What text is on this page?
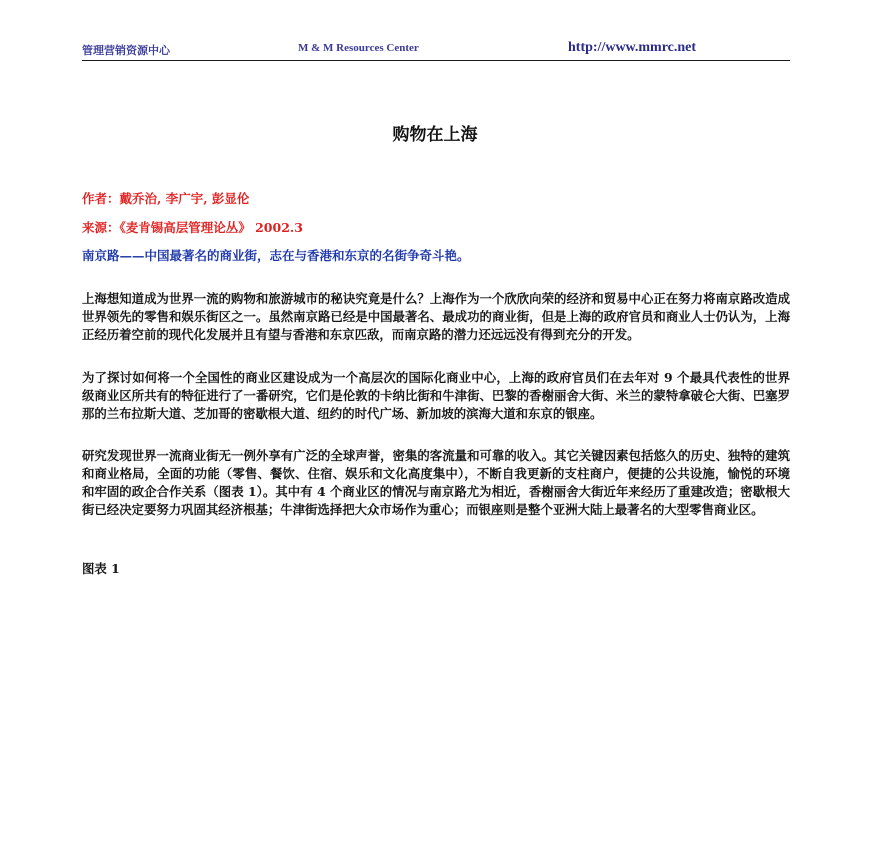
管理营销资源中心	M & M Resources Center	http://www.mmrc.net
购物在上海
作者：戴乔治, 李广宇, 彭显伦
来源：《麦肯锡高层管理论丛》 2002.3
南京路——中国最著名的商业街，志在与香港和东京的名街争奇斗艳。
上海想知道成为世界一流的购物和旅游城市的秘诀究竟是什么？上海作为一个欣欣向荣的经济和贸易中心正在努力将南京路改造成世界领先的零售和娱乐街区之一。虽然南京路已经是中国最著名、最成功的商业街，但是上海的政府官员和商业人士仍认为，上海正经历着空前的现代化发展并且有望与香港和东京匹敌，而南京路的潜力还远远没有得到充分的开发。
为了探讨如何将一个全国性的商业区建设成为一个高层次的国际化商业中心，上海的政府官员们在去年对 9 个最具代表性的世界级商业区所共有的特征进行了一番研究，它们是伦敦的卡纳比街和牛津街、巴黎的香榭丽舍大街、米兰的蒙特拿破仑大街、巴塞罗那的兰布拉斯大道、芝加哥的密歇根大道、纽约的时代广场、新加坡的滨海大道和东京的银座。
研究发现世界一流商业街无一例外享有广泛的全球声誉，密集的客流量和可靠的收入。其它关键因素包括悠久的历史、独特的建筑和商业格局，全面的功能（零售、餐饮、住宿、娱乐和文化高度集中），不断自我更新的支柱商户，便捷的公共设施，愉悦的环境和牢固的政企合作关系（图表 1）。其中有 4 个商业区的情况与南京路尤为相近，香榭丽舍大街近年来经历了重建改造；密歇根大街已经决定要努力巩固其经济根基；牛津街选择把大众市场作为重心；而银座则是整个亚洲大陆上最著名的大型零售商业区。
图表 1
